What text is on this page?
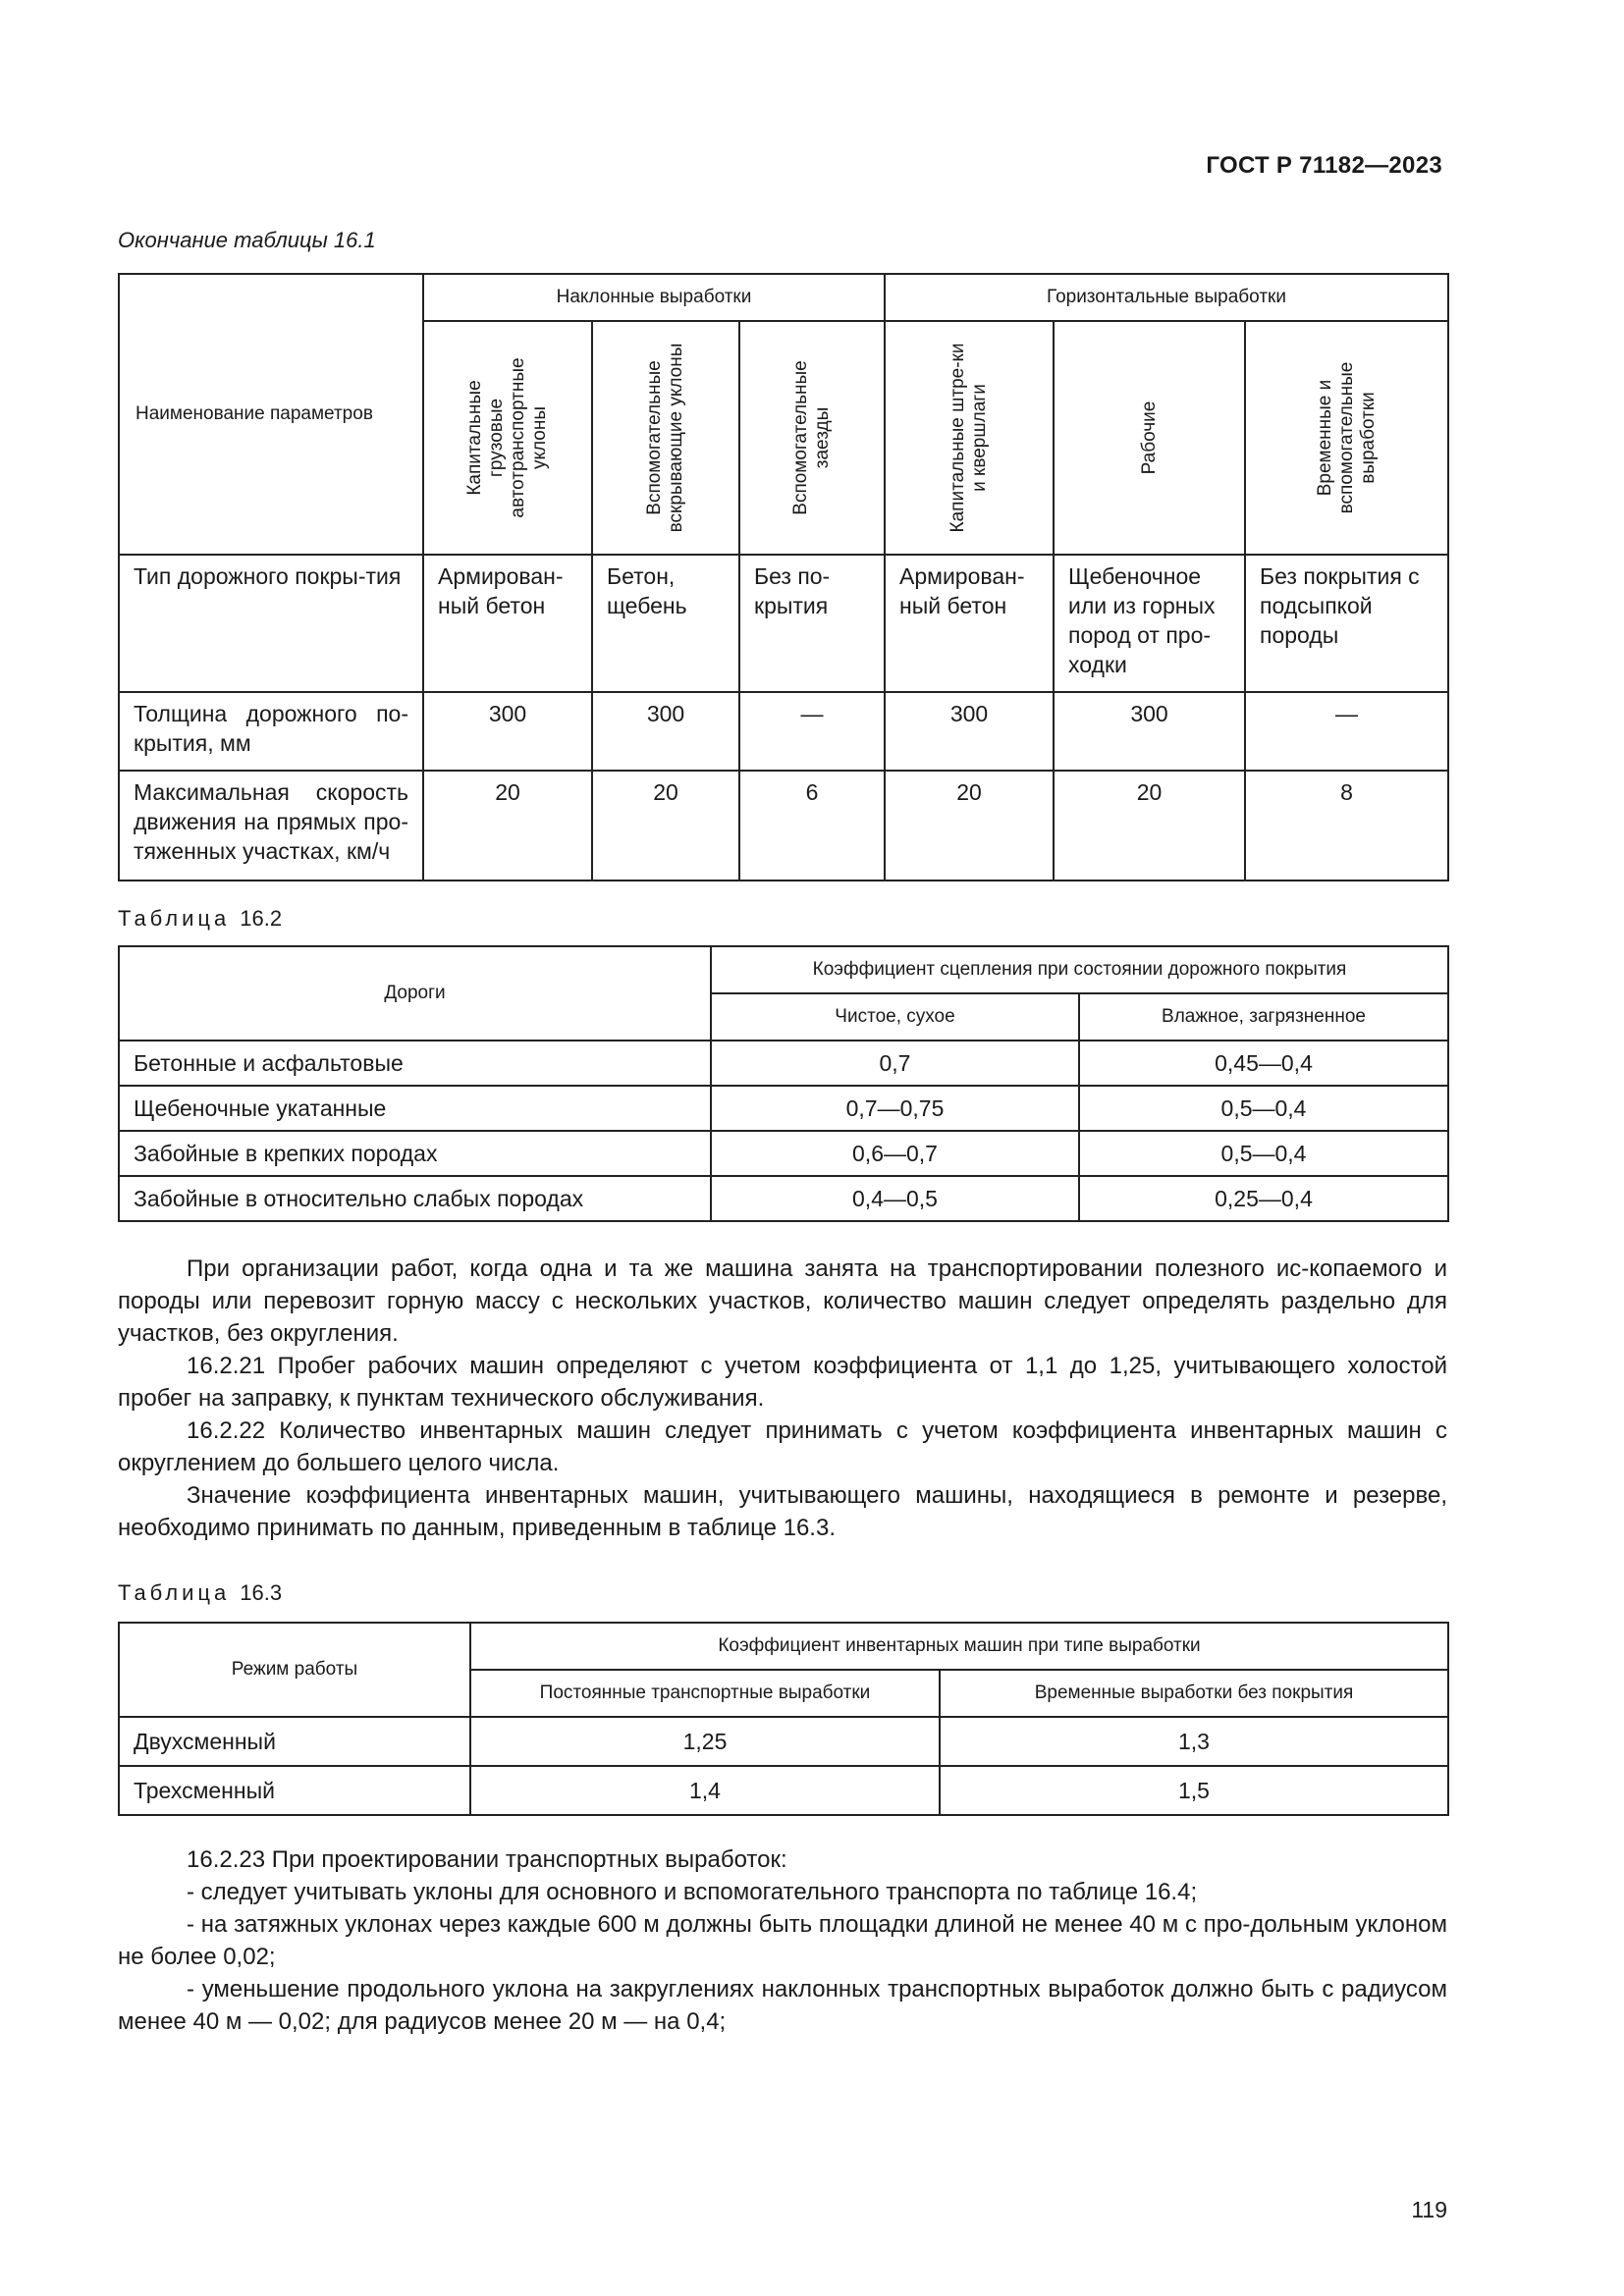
ГОСТ Р 71182—2023
Окончание таблицы 16.1
Наименование параметров	Наклонные выработки			Горизонтальные выработки		

	Капитальные грузовые автотранспортные уклоны	Вспомогательные вскрывающие уклоны	Вспомогательные заезды	Капитальные штре-ки и квершлаги	Рабочие	Временные и вспомогательные выработки

Тип дорожного покры-тия	Армирован-ный бетон	Бетон, щебень	Без по-крытия	Армирован-ный бетон	Щебеночное или из горных пород от про-ходки	Без покрытия с подсыпкой породы
Толщина дорожного по-крытия, мм	300	300	—	300	300	—
Максимальная скорость движения на прямых про-тяженных участках, км/ч	20	20	6	20	20	8
Таблица 16.2
Дороги	Коэффициент сцепления при состоянии дорожного покрытия	
	Чистое, сухое	Влажное, загрязненное
Бетонные и асфальтовые	0,7	0,45—0,4
Щебеночные укатанные	0,7—0,75	0,5—0,4
Забойные в крепких породах	0,6—0,7	0,5—0,4
Забойные в относительно слабых породах	0,4—0,5	0,25—0,4
При организации работ, когда одна и та же машина занята на транспортировании полезного ис-копаемого и породы или перевозит горную массу с нескольких участков, количество машин следует определять раздельно для участков, без округления.
16.2.21 Пробег рабочих машин определяют с учетом коэффициента от 1,1 до 1,25, учитывающего холостой пробег на заправку, к пунктам технического обслуживания.
16.2.22 Количество инвентарных машин следует принимать с учетом коэффициента инвентарных машин с округлением до большего целого числа.
Значение коэффициента инвентарных машин, учитывающего машины, находящиеся в ремонте и резерве, необходимо принимать по данным, приведенным в таблице 16.3.
Таблица 16.3
Режим работы	Коэффициент инвентарных машин при типе выработки	
	Постоянные транспортные выработки	Временные выработки без покрытия
Двухсменный	1,25	1,3
Трехсменный	1,4	1,5
16.2.23 При проектировании транспортных выработок:
- следует учитывать уклоны для основного и вспомогательного транспорта по таблице 16.4;
- на затяжных уклонах через каждые 600 м должны быть площадки длиной не менее 40 м с про-дольным уклоном не более 0,02;
- уменьшение продольного уклона на закруглениях наклонных транспортных выработок должно быть с радиусом менее 40 м — 0,02; для радиусов менее 20 м — на 0,4;
119
